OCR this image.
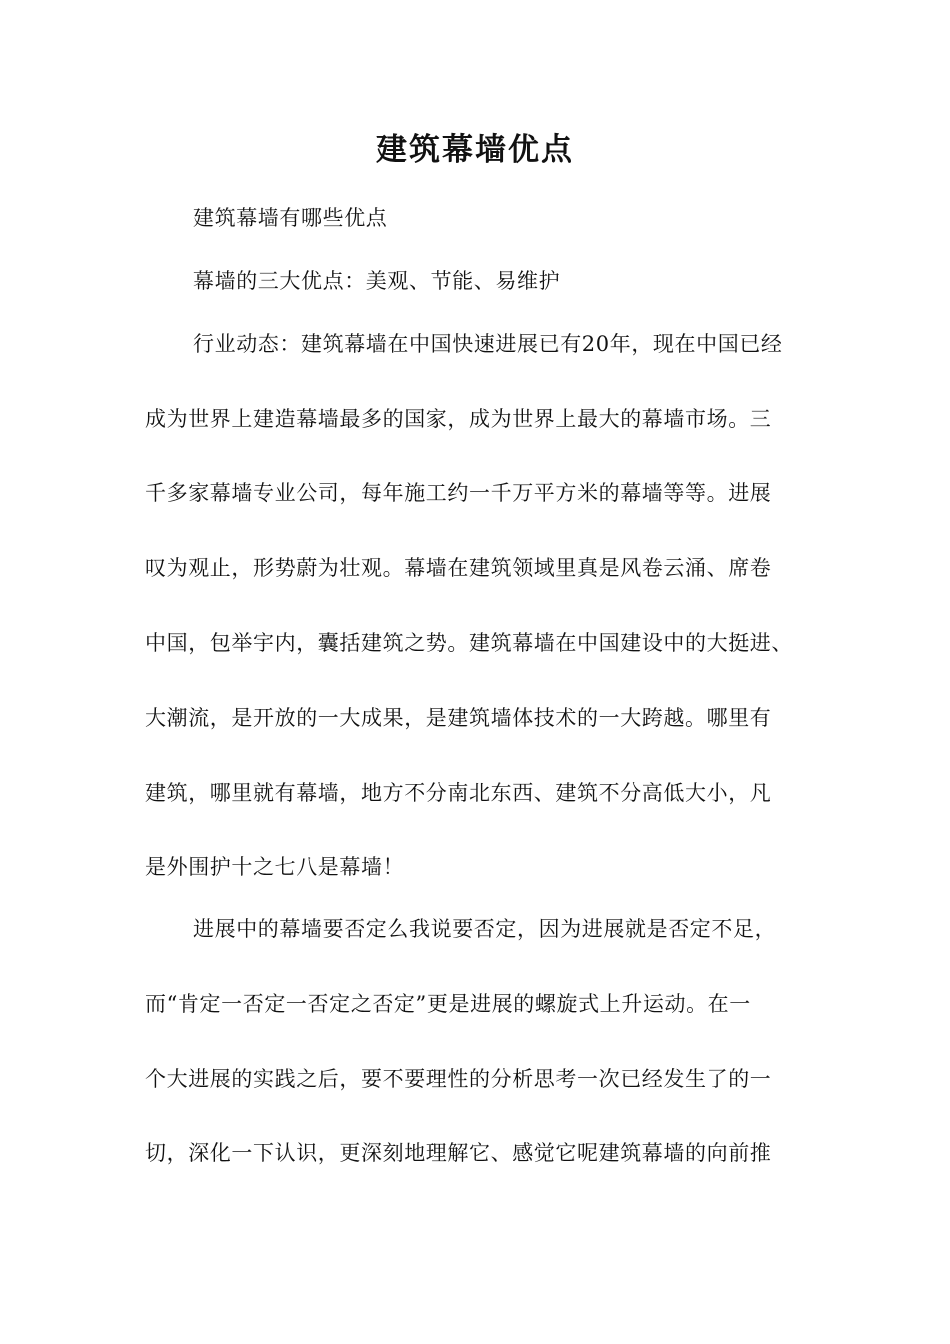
建筑幕墙优点
建筑幕墙有哪些优点
幕墙的三大优点：美观、节能、易维护
行业动态：建筑幕墙在中国快速进展已有20年，现在中国已经
成为世界上建造幕墙最多的国家，成为世界上最大的幕墙市场。三
千多家幕墙专业公司，每年施工约一千万平方米的幕墙等等。进展
叹为观止，形势蔚为壮观。幕墙在建筑领域里真是风卷云涌、席卷
中国，包举宇内，囊括建筑之势。建筑幕墙在中国建设中的大挺进、
大潮流，是开放的一大成果，是建筑墙体技术的一大跨越。哪里有
建筑，哪里就有幕墙，地方不分南北东西、建筑不分高低大小，凡
是外围护十之七八是幕墙！
进展中的幕墙要否定么我说要否定，因为进展就是否定不足，
而“肯定一否定一否定之否定”更是进展的螺旋式上升运动。在一
个大进展的实践之后，要不要理性的分析思考一次已经发生了的一
切，深化一下认识，更深刻地理解它、感觉它呢建筑幕墙的向前推
